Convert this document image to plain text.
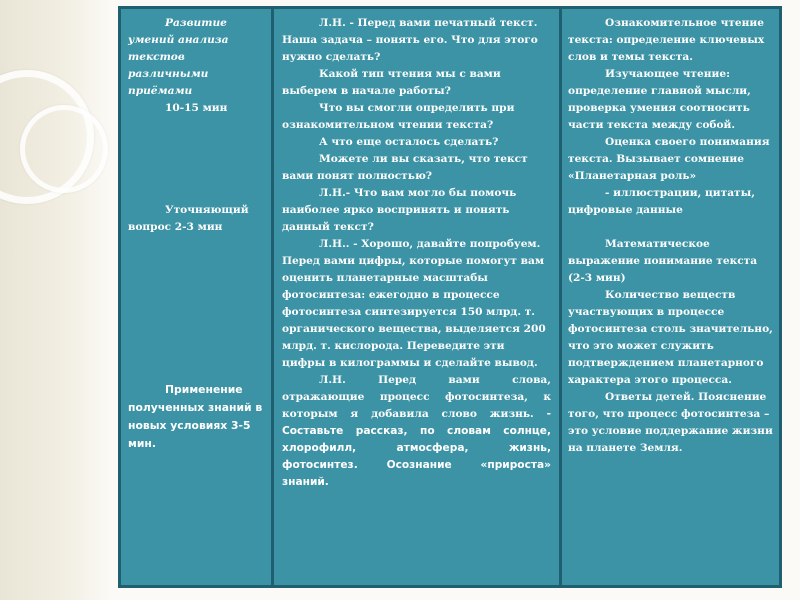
Развитие умений анализа текстов различными приёмами

10-15 мин

Уточняющий вопрос 2-3 мин

Применение полученных знаний в новых условиях 3-5 мин.

Л.Н. - Перед вами печатный текст. Наша задача – понять его. Что для этого нужно сделать?

Какой тип чтения мы с вами выберем в начале работы?

Что вы смогли определить при ознакомительном чтении текста?

А что еще осталось сделать?

Можете ли вы сказать, что текст вами понят полностью?

Л.Н.- Что вам могло бы помочь наиболее ярко воспринять и понять данный текст?

Л.Н.. - Хорошо, давайте попробуем. Перед вами цифры, которые помогут вам оценить планетарные масштабы фотосинтеза: ежегодно в процессе фотосинтеза синтезируется 150 млрд. т. органического вещества, выделяется 200 млрд. т. кислорода. Переведите эти цифры в килограммы и сделайте вывод.

Л.Н. Перед вами слова, отражающие процесс фотосинтеза, к которым я добавила слово жизнь. - Составьте рассказ, по словам солнце, хлорофилл, атмосфера, жизнь, фотосинтез. Осознание «прироста» знаний.

Ознакомительное чтение текста: определение ключевых слов и темы текста.

Изучающее чтение: определение главной мысли, проверка умения соотносить части текста между собой.

Оценка своего понимания текста. Вызывает сомнение «Планетарная роль»

- иллюстрации, цитаты, цифровые данные

Математическое выражение понимание текста (2-3 мин)

Количество веществ участвующих в процессе фотосинтеза столь значительно, что это может служить подтверждением планетарного характера этого процесса.

Ответы детей. Пояснение того, что процесс фотосинтеза – это условие поддержание жизни на планете Земля.
